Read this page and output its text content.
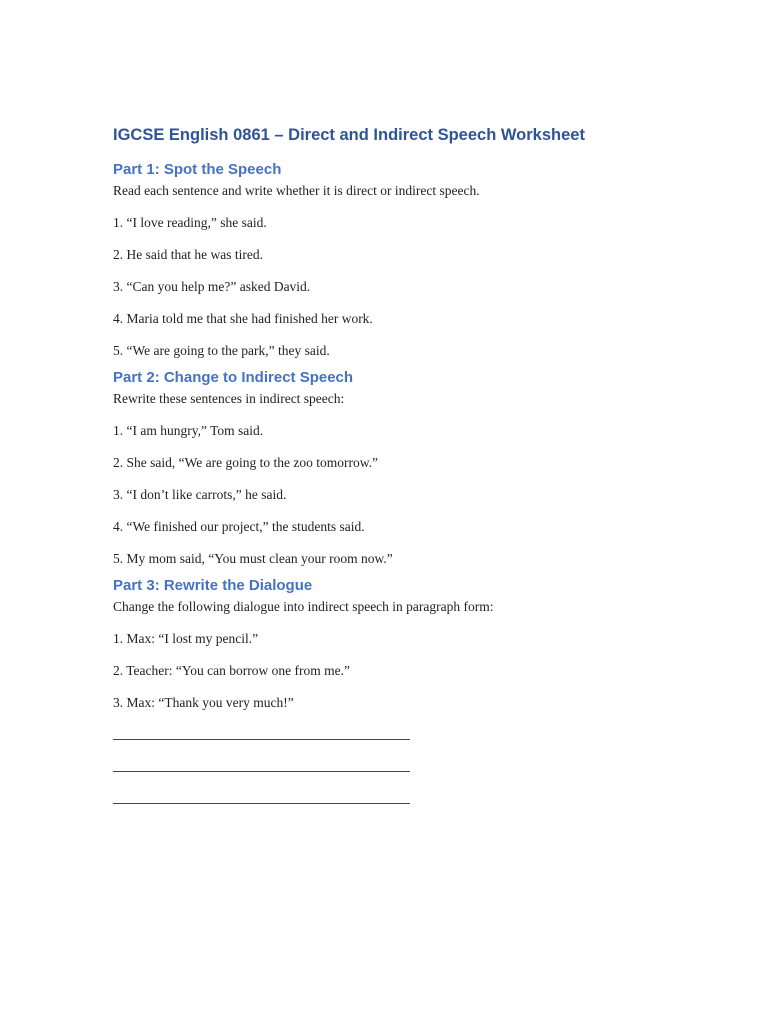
IGCSE English 0861 – Direct and Indirect Speech Worksheet
Part 1: Spot the Speech

Read each sentence and write whether it is direct or indirect speech.

1. “I love reading,” she said.

2. He said that he was tired.

3. “Can you help me?” asked David.

4. Maria told me that she had finished her work.

5. “We are going to the park,” they said.

Part 2: Change to Indirect Speech

Rewrite these sentences in indirect speech:

1. “I am hungry,” Tom said.

2. She said, “We are going to the zoo tomorrow.”

3. “I don’t like carrots,” he said.

4. “We finished our project,” the students said.

5. My mom said, “You must clean your room now.”

Part 3: Rewrite the Dialogue

Change the following dialogue into indirect speech in paragraph form:

1. Max: “I lost my pencil.”

2. Teacher: “You can borrow one from me.”

3. Max: “Thank you very much!”
